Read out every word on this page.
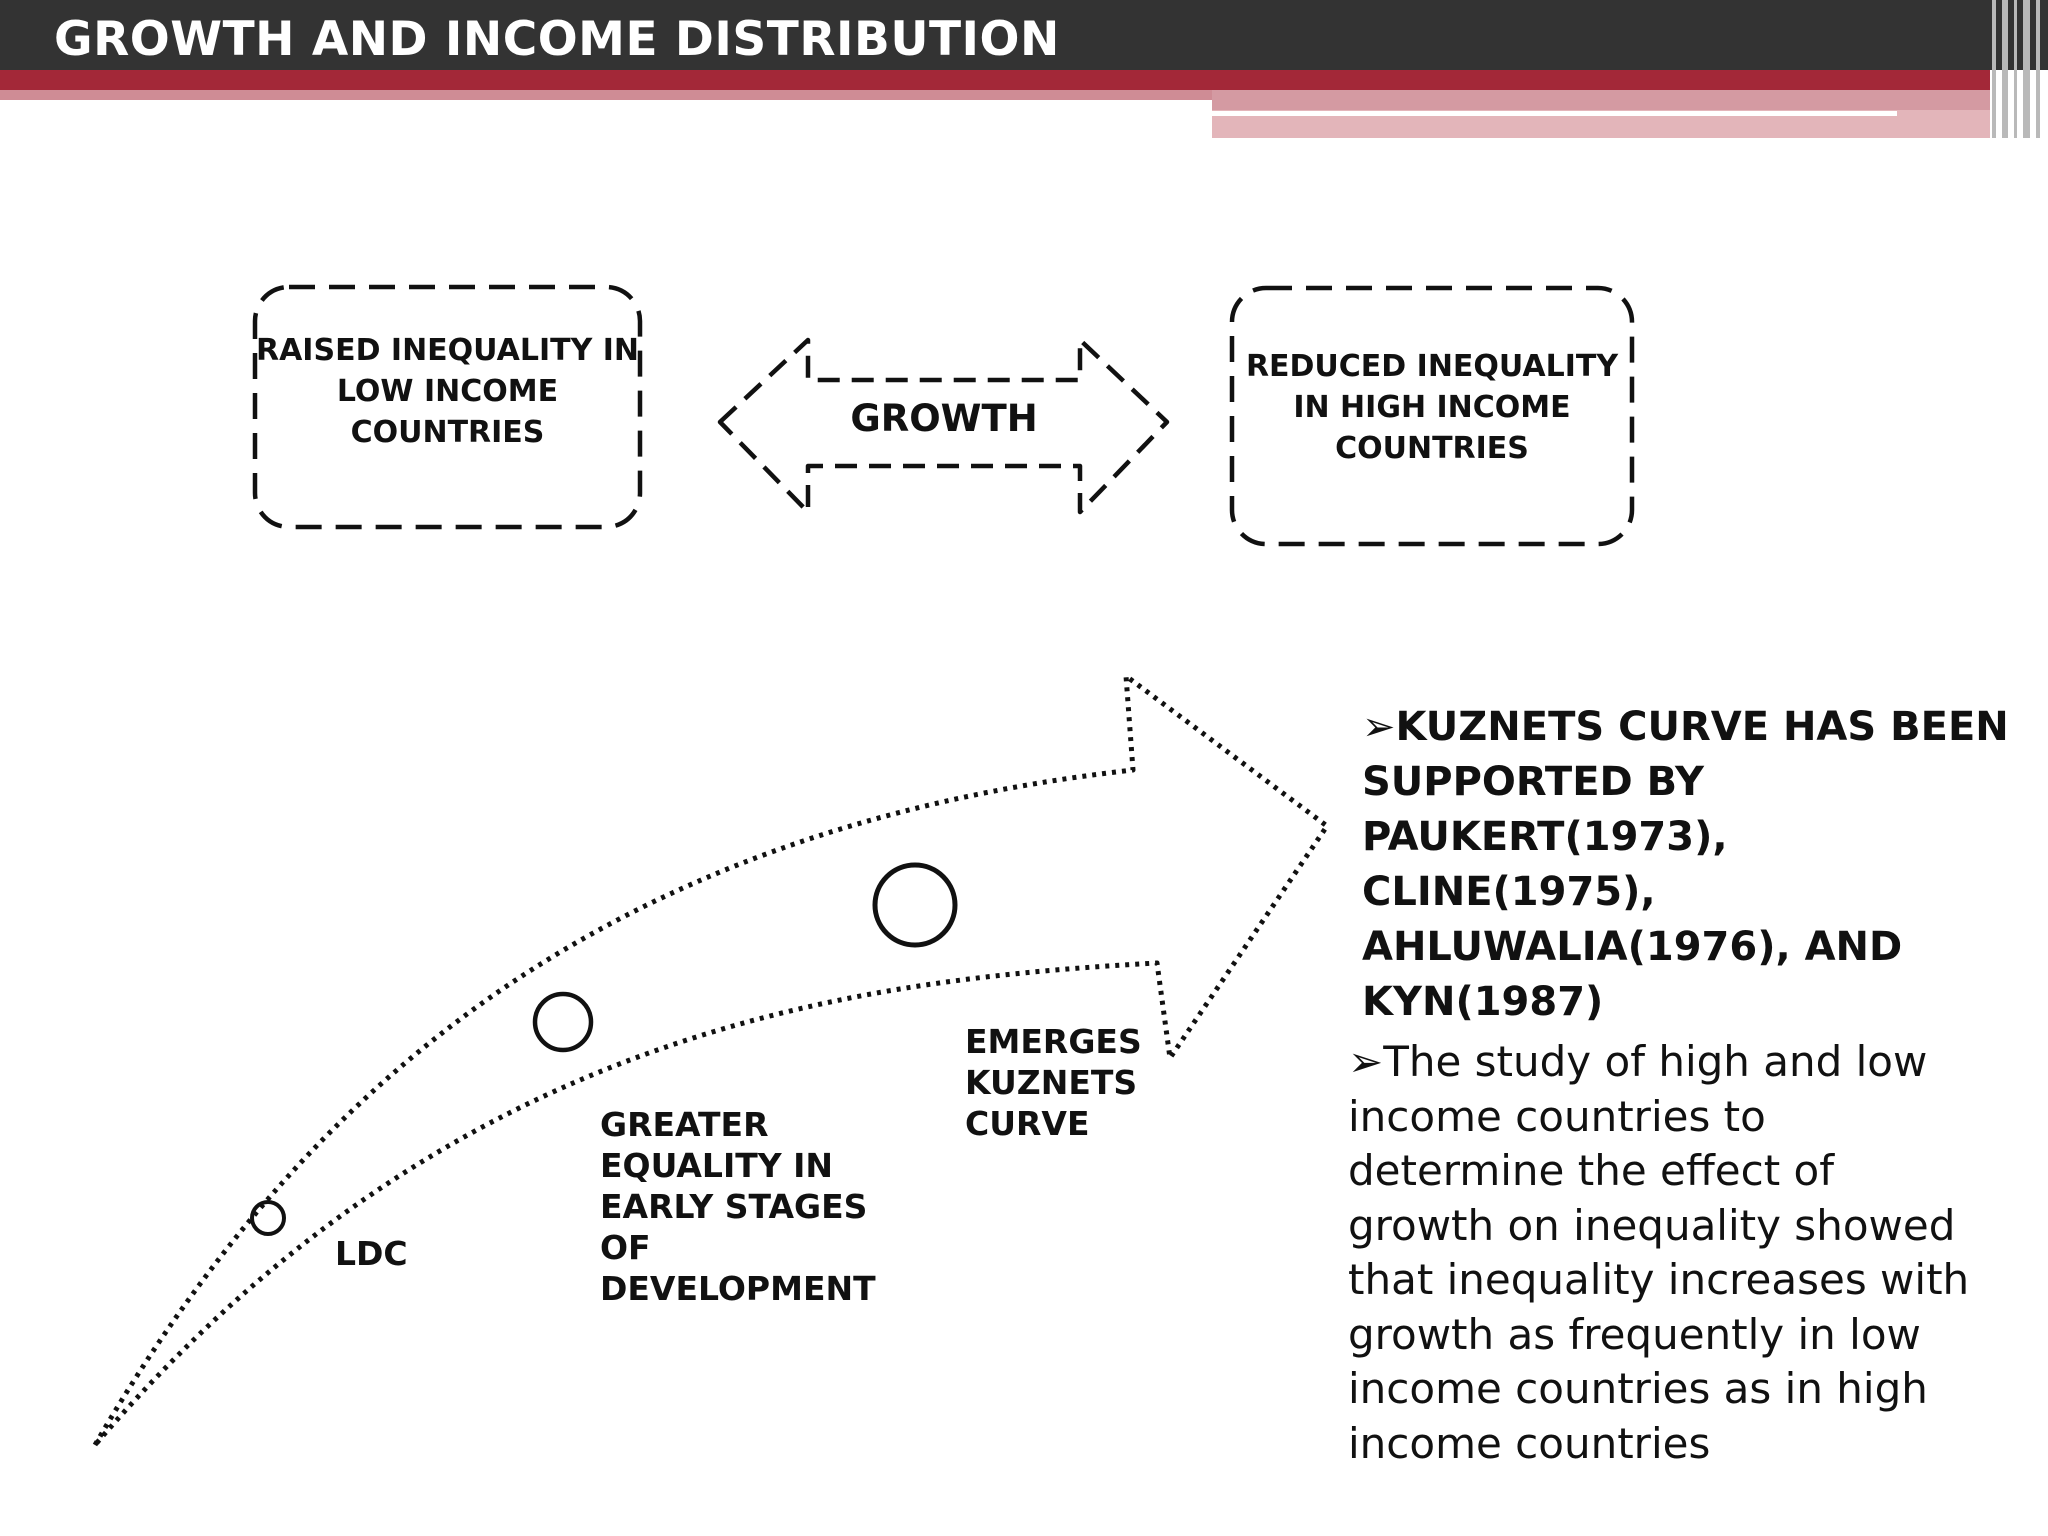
GROWTH AND INCOME DISTRIBUTION
RAISED INEQUALITY IN
LOW INCOME
COUNTRIES	GROWTH
REDUCED INEQUALITY
IN HIGH INCOME
COUNTRIES
LDC
GREATER
EQUALITY IN
EARLY STAGES
OF
DEVELOPMENT
EMERGES
KUZNETS
CURVE
➢KUZNETS CURVE HAS BEEN
SUPPORTED BY
PAUKERT(1973), CLINE(1975),
AHLUWALIA(1976), AND
KYN(1987)
➢The study of high and low
income countries to
determine the effect of
growth on inequality showed
that inequality increases with
growth as frequently in low
income countries as in high
income countries
